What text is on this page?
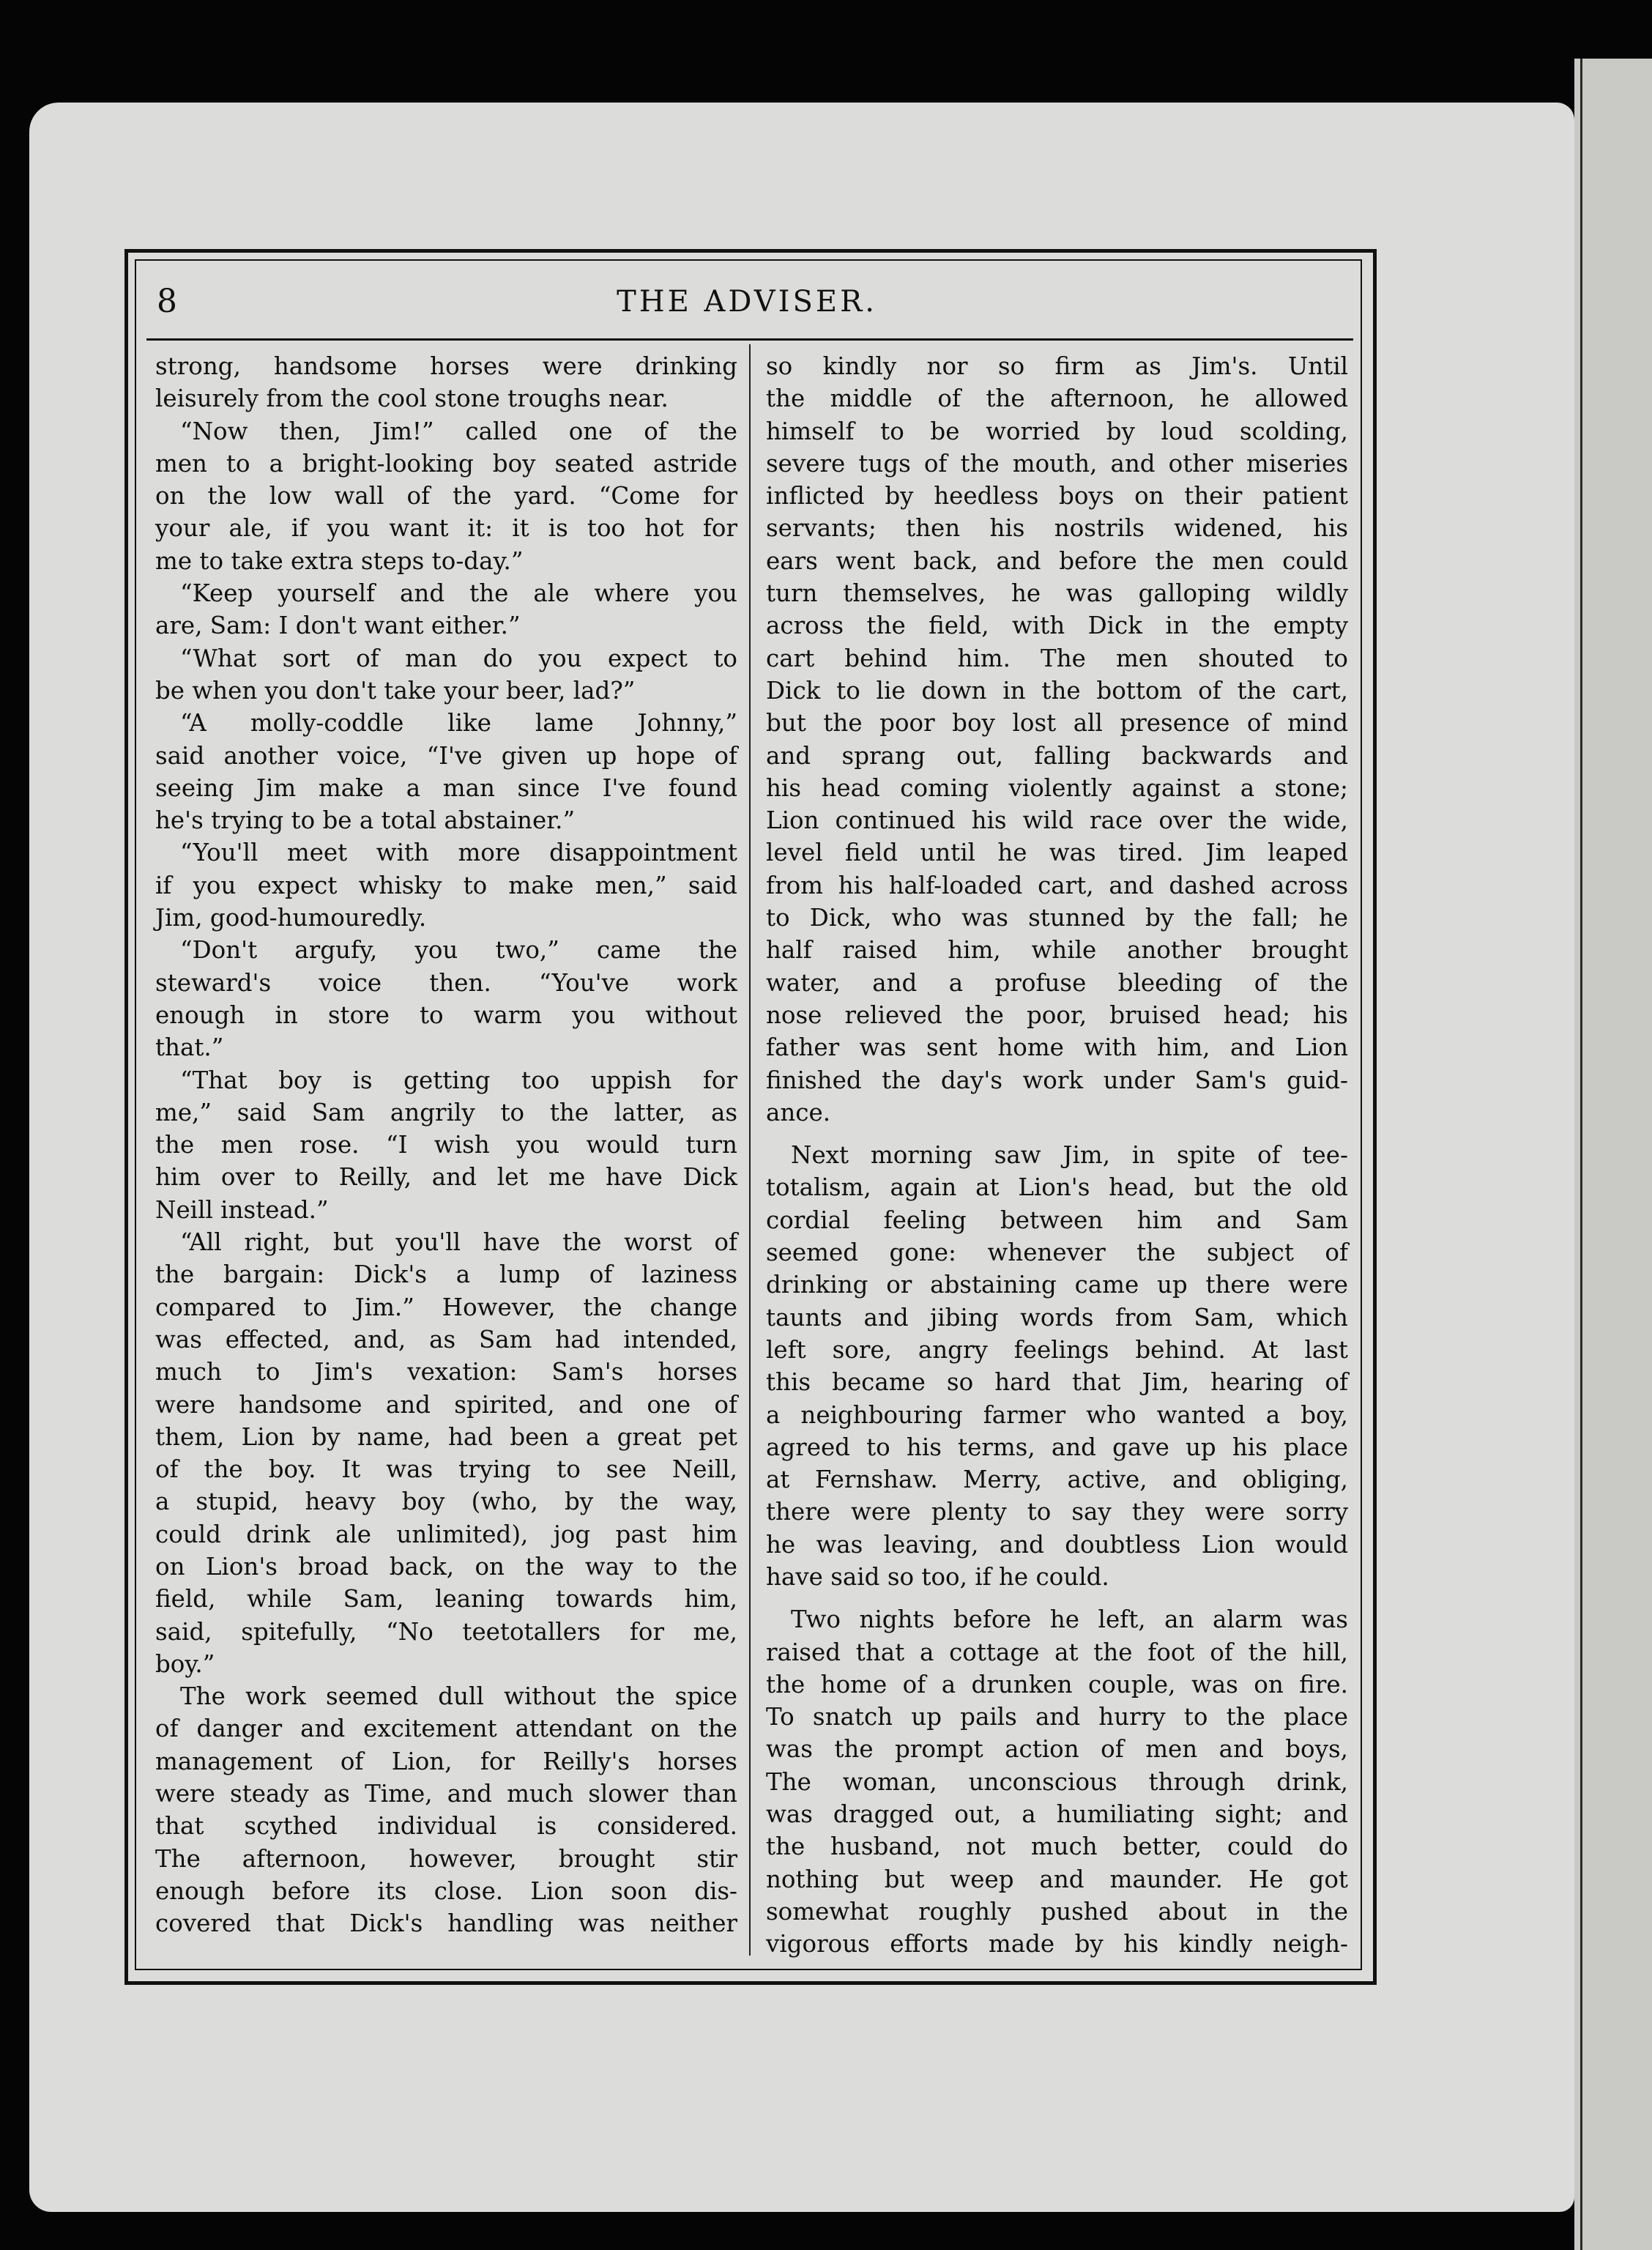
8	THE ADVISER.
strong, handsome horses were drinking
leisurely from the cool stone troughs near.
“Now then, Jim!” called one of the
men to a bright-looking boy seated astride
on the low wall of the yard. “Come for
your ale, if you want it: it is too hot for
me to take extra steps to-day.”
“Keep yourself and the ale where you
are, Sam: I don't want either.”
“What sort of man do you expect to
be when you don't take your beer, lad?”
“A molly-coddle like lame Johnny,”
said another voice, “I've given up hope of
seeing Jim make a man since I've found
he's trying to be a total abstainer.”
“You'll meet with more disappointment
if you expect whisky to make men,” said
Jim, good-humouredly.
“Don't argufy, you two,” came the
steward's voice then. “You've work
enough in store to warm you without
that.”
“That boy is getting too uppish for
me,” said Sam angrily to the latter, as
the men rose. “I wish you would turn
him over to Reilly, and let me have Dick
Neill instead.”
“All right, but you'll have the worst of
the bargain: Dick's a lump of laziness
compared to Jim.” However, the change
was effected, and, as Sam had intended,
much to Jim's vexation: Sam's horses
were handsome and spirited, and one of
them, Lion by name, had been a great pet
of the boy. It was trying to see Neill,
a stupid, heavy boy (who, by the way,
could drink ale unlimited), jog past him
on Lion's broad back, on the way to the
field, while Sam, leaning towards him,
said, spitefully, “No teetotallers for me,
boy.”
The work seemed dull without the spice
of danger and excitement attendant on the
management of Lion, for Reilly's horses
were steady as Time, and much slower than
that scythed individual is considered.
The afternoon, however, brought stir
enough before its close. Lion soon dis-
covered that Dick's handling was neither
so kindly nor so firm as Jim's. Until
the middle of the afternoon, he allowed
himself to be worried by loud scolding,
severe tugs of the mouth, and other miseries
inflicted by heedless boys on their patient
servants; then his nostrils widened, his
ears went back, and before the men could
turn themselves, he was galloping wildly
across the field, with Dick in the empty
cart behind him. The men shouted to
Dick to lie down in the bottom of the cart,
but the poor boy lost all presence of mind
and sprang out, falling backwards and
his head coming violently against a stone;
Lion continued his wild race over the wide,
level field until he was tired. Jim leaped
from his half-loaded cart, and dashed across
to Dick, who was stunned by the fall; he
half raised him, while another brought
water, and a profuse bleeding of the
nose relieved the poor, bruised head; his
father was sent home with him, and Lion
finished the day's work under Sam's guid-
ance.
Next morning saw Jim, in spite of tee-
totalism, again at Lion's head, but the old
cordial feeling between him and Sam
seemed gone: whenever the subject of
drinking or abstaining came up there were
taunts and jibing words from Sam, which
left sore, angry feelings behind. At last
this became so hard that Jim, hearing of
a neighbouring farmer who wanted a boy,
agreed to his terms, and gave up his place
at Fernshaw. Merry, active, and obliging,
there were plenty to say they were sorry
he was leaving, and doubtless Lion would
have said so too, if he could.
Two nights before he left, an alarm was
raised that a cottage at the foot of the hill,
the home of a drunken couple, was on fire.
To snatch up pails and hurry to the place
was the prompt action of men and boys,
The woman, unconscious through drink,
was dragged out, a humiliating sight; and
the husband, not much better, could do
nothing but weep and maunder. He got
somewhat roughly pushed about in the
vigorous efforts made by his kindly neigh-
